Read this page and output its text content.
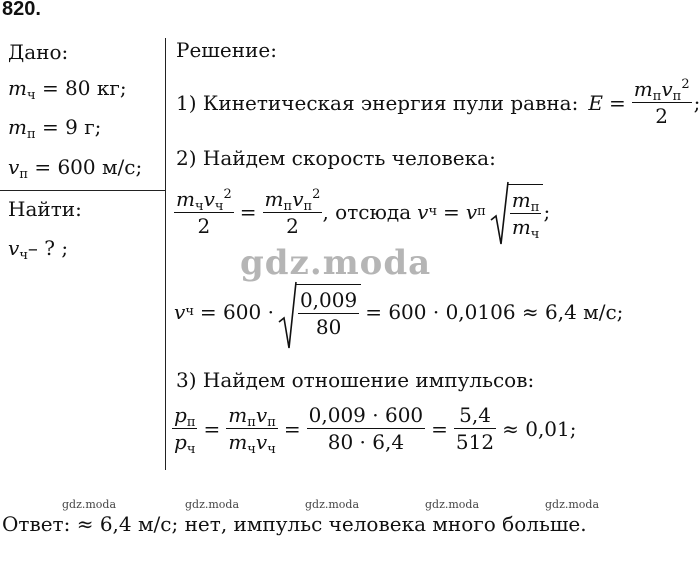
820.
Дано:
$m_ч = 80$ кг;
$m_п = 9$ г;
$v_п = 600$ м/с;
Найти:
$v_ч-$ ? ;
Решение:
1) Кинетическая энергия пули равна: $E = \frac{m_пv_п^2}{2}$ ;
2) Найдем скорость человека:
$\frac{m_чv_ч^2}{2} = \frac{m_пv_п^2}{2}$ , отсюда v ч = v п $\frac{m_п}{m_ч}$ ;
gdz.moda
v $ч = 600 \cdot \frac{0,009}{80} = 600 \cdot 0,0106 \approx 6,4$ м/с;
3) Найдем отношение импульсов:
$\frac{p_п}{p_ч} = \frac{m_пv_п}{m_чv_ч} = \frac{0,009 \cdot 600}{80 \cdot 6,4} = \frac{5,4}{512} \approx 0,01$;
gdz.moda	gdz.moda	gdz.moda	gdz.moda	gdz.moda
Ответ: ≈ 6,4 м/с; нет, импульс человека много больше.
